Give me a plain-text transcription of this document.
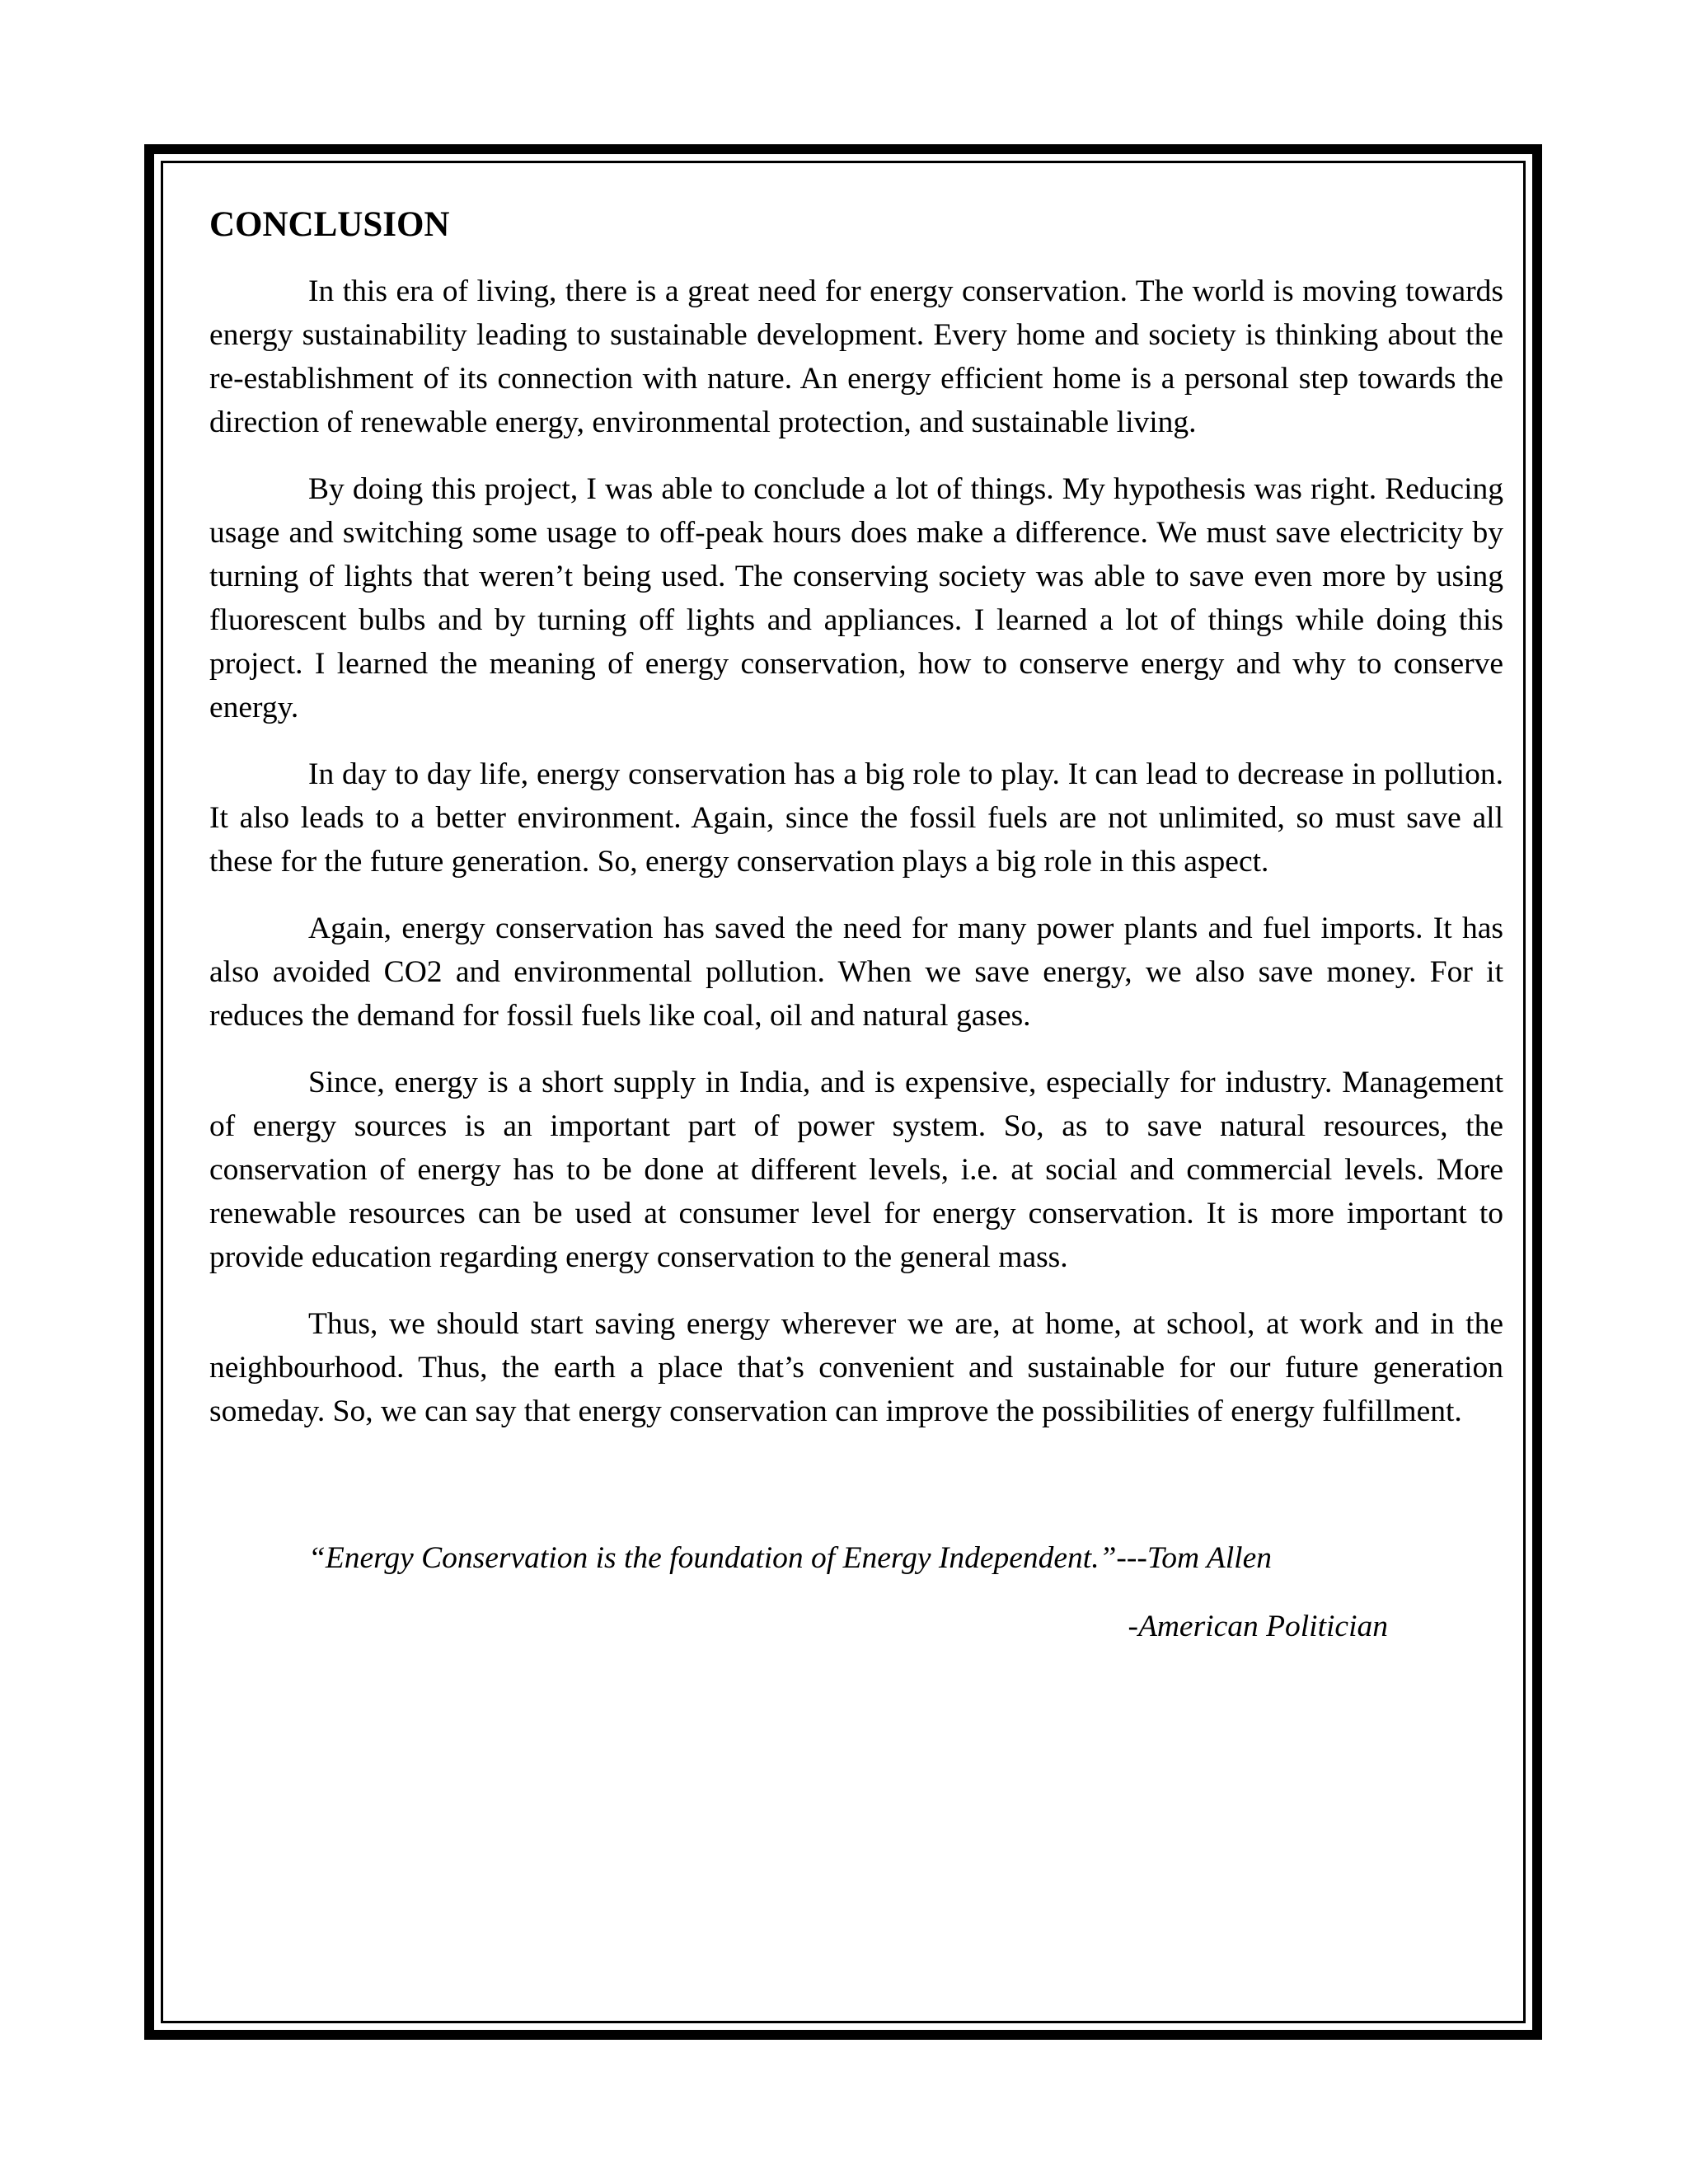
CONCLUSION

In this era of living, there is a great need for energy conservation. The world is moving towards energy sustainability leading to sustainable development. Every home and society is thinking about the re-establishment of its connection with nature. An energy efficient home is a personal step towards the direction of renewable energy, environmental protection, and sustainable living.

By doing this project, I was able to conclude a lot of things. My hypothesis was right. Reducing usage and switching some usage to off-peak hours does make a difference. We must save electricity by turning of lights that weren’t being used. The conserving society was able to save even more by using fluorescent bulbs and by turning off lights and appliances. I learned a lot of things while doing this project. I learned the meaning of energy conservation, how to conserve energy and why to conserve energy.

In day to day life, energy conservation has a big role to play. It can lead to decrease in pollution. It also leads to a better environment. Again, since the fossil fuels are not unlimited, so must save all these for the future generation. So, energy conservation plays a big role in this aspect.

Again, energy conservation has saved the need for many power plants and fuel imports. It has also avoided CO2 and environmental pollution. When we save energy, we also save money. For it reduces the demand for fossil fuels like coal, oil and natural gases.

Since, energy is a short supply in India, and is expensive, especially for industry. Management of energy sources is an important part of power system. So, as to save natural resources, the conservation of energy has to be done at different levels, i.e. at social and commercial levels. More renewable resources can be used at consumer level for energy conservation. It is more important to provide education regarding energy conservation to the general mass.

Thus, we should start saving energy wherever we are, at home, at school, at work and in the neighbourhood. Thus, the earth a place that’s convenient and sustainable for our future generation someday. So, we can say that energy conservation can improve the possibilities of energy fulfillment.

“Energy Conservation is the foundation of Energy Independent.”---Tom Allen

-American Politician
